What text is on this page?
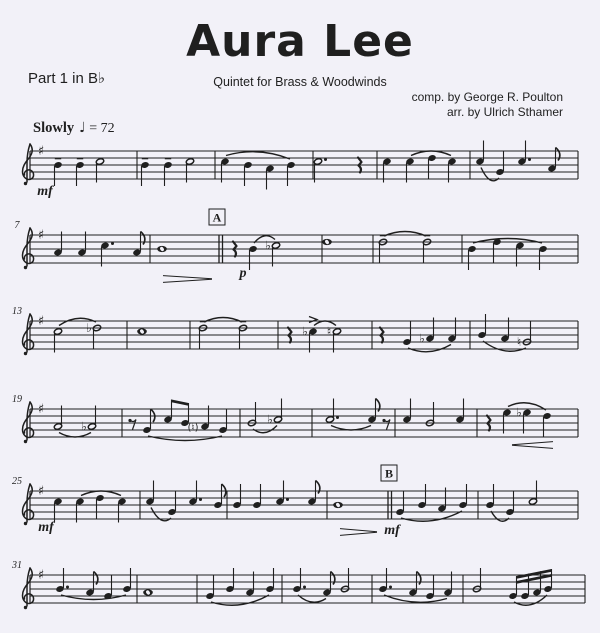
Aura Lee
Part 1 in B♭	Quintet for Brass & Woodwinds
comp. by George R. Poulton
arr. by Ulrich Sthamer
Slowly ♩ = 72
♯
mf
♯
7
A
♭
p
♯
13
♭	♭ ♮	♭	♮
♯
19
♭	(♮)
♭	♭
♯
25
mf
B
mf
♯
31
